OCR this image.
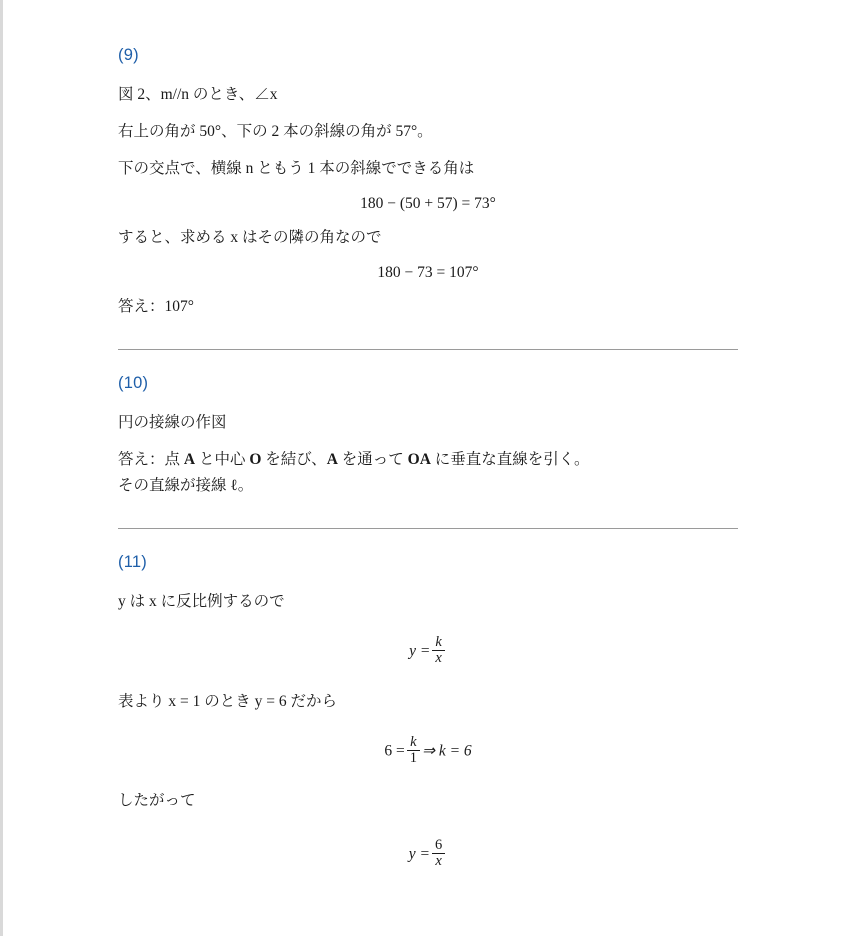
(9)
図 2、m//n のとき、∠x
右上の角が 50°、下の 2 本の斜線の角が 57°。
下の交点で、横線 n ともう 1 本の斜線でできる角は
180 − (50 + 57) = 73°
すると、求める x はその隣の角なので
180 − 73 = 107°
答え：107°
(10)
円の接線の作図
答え：点 A と中心 O を結び、A を通って OA に垂直な直線を引く。
その直線が接線 ℓ。
(11)
y は x に反比例するので
$y = \frac{k}{x}$
表より x = 1 のとき y = 6 だから
$6 = \frac{k}{1}$ ⇒ k = 6
したがって
$y = \frac{6}{x}$
